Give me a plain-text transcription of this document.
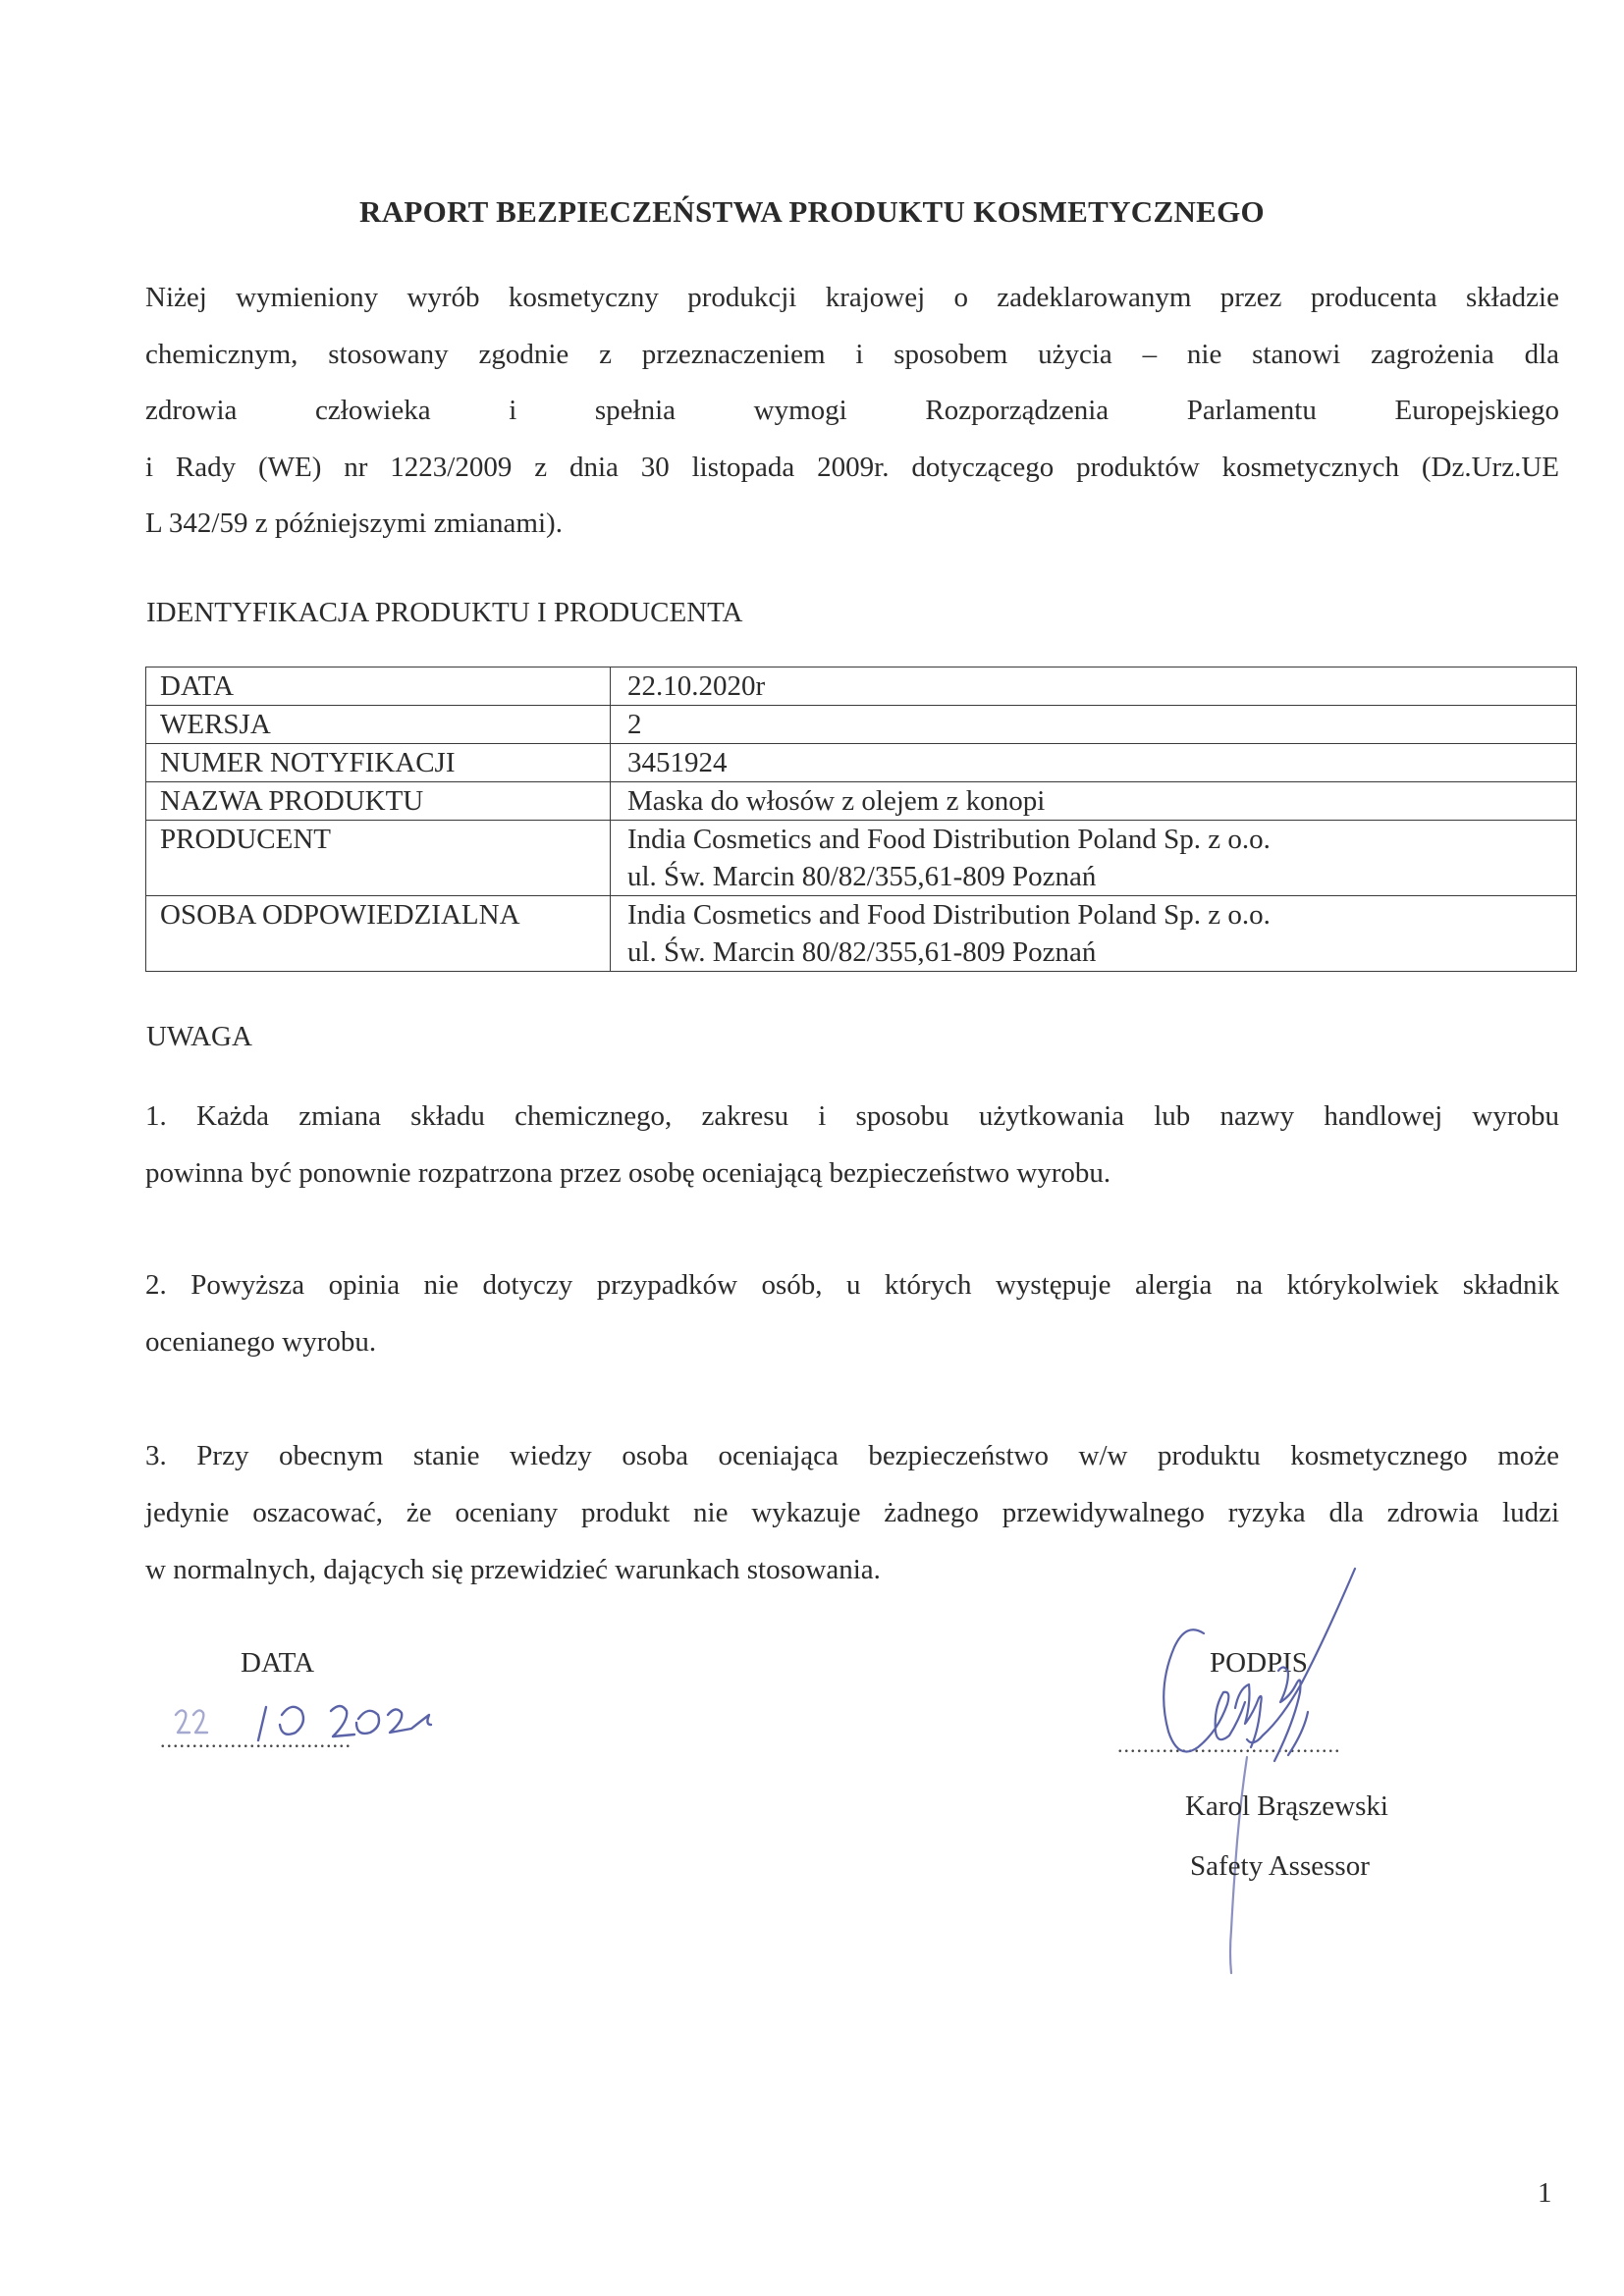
RAPORT BEZPIECZEŃSTWA PRODUKTU KOSMETYCZNEGO
Niżej wymieniony wyrób kosmetyczny produkcji krajowej o zadeklarowanym przez producenta składzie
chemicznym, stosowany zgodnie z przeznaczeniem i sposobem użycia – nie stanowi zagrożenia dla
zdrowia człowieka i spełnia wymogi Rozporządzenia Parlamentu Europejskiego
i Rady (WE) nr 1223/2009 z dnia 30 listopada 2009r. dotyczącego produktów kosmetycznych (Dz.Urz.UE
L 342/59 z późniejszymi zmianami).
IDENTYFIKACJA PRODUKTU I PRODUCENTA
DATA	22.10.2020r
WERSJA	2
NUMER NOTYFIKACJI	3451924
NAZWA PRODUKTU	Maska do włosów z olejem z konopi
PRODUCENT	India Cosmetics and Food Distribution Poland Sp. z o.o.
ul. Św. Marcin 80/82/355,61-809 Poznań

OSOBA ODPOWIEDZIALNA	India Cosmetics and Food Distribution Poland Sp. z o.o.
ul. Św. Marcin 80/82/355,61-809 Poznań
UWAGA
1. Każda zmiana składu chemicznego, zakresu i sposobu użytkowania lub nazwy handlowej wyrobu
powinna być ponownie rozpatrzona przez osobę oceniającą bezpieczeństwo wyrobu.
2. Powyższa opinia nie dotyczy przypadków osób, u których występuje alergia na którykolwiek składnik
ocenianego wyrobu.
3. Przy obecnym stanie wiedzy osoba oceniająca bezpieczeństwo w/w produktu kosmetycznego może
jedynie oszacować, że oceniany produkt nie wykazuje żadnego przewidywalnego ryzyka dla zdrowia ludzi
w normalnych, dających się przewidzieć warunkach stosowania.
DATA
..............................
PODPIS
...................................
Karol Brąszewski
Safety Assessor
1
